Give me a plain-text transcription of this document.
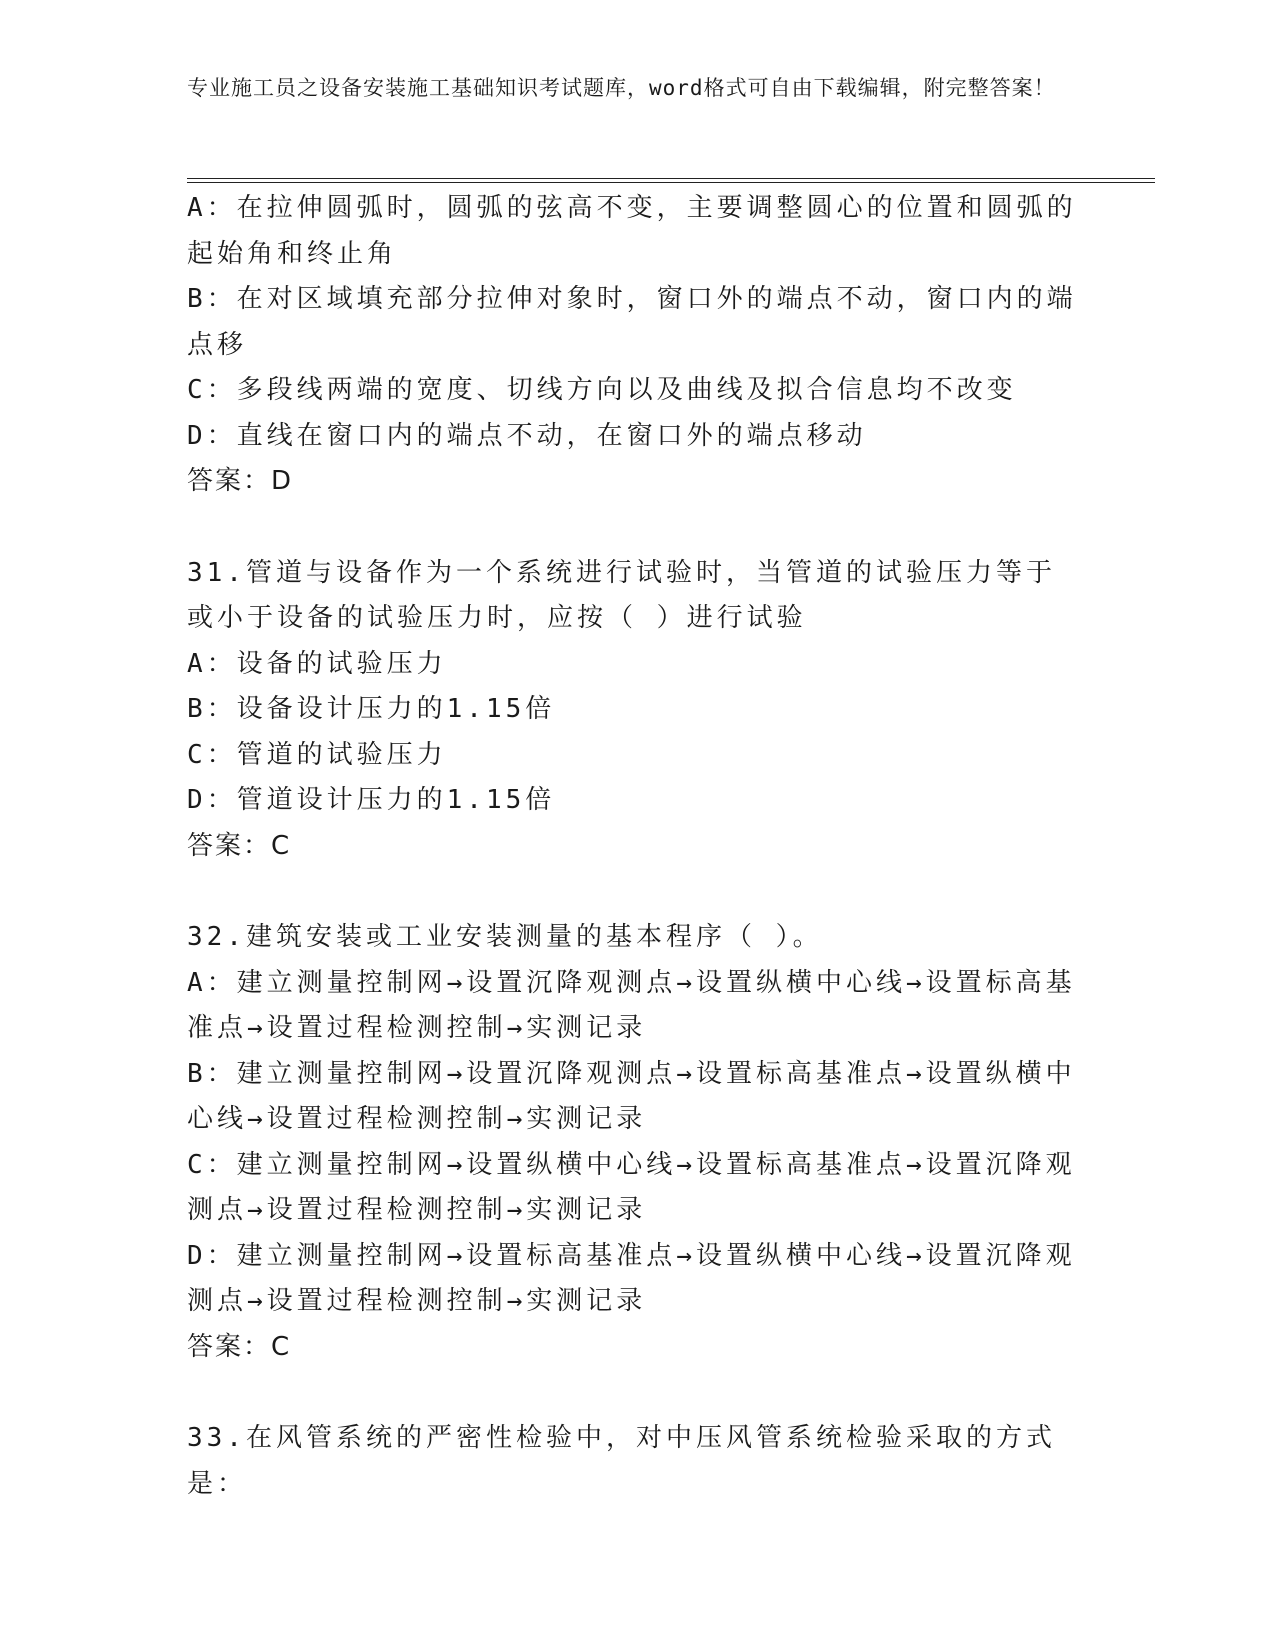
专业施工员之设备安装施工基础知识考试题库，word格式可自由下载编辑，附完整答案！

A：在拉伸圆弧时，圆弧的弦高不变，主要调整圆心的位置和圆弧的起始角和终止角

B：在对区域填充部分拉伸对象时，窗口外的端点不动，窗口内的端点移

C：多段线两端的宽度、切线方向以及曲线及拟合信息均不改变

D：直线在窗口内的端点不动，在窗口外的端点移动

答案：D

31.管道与设备作为一个系统进行试验时，当管道的试验压力等于或小于设备的试验压力时，应按（ ）进行试验

A：设备的试验压力

B：设备设计压力的1.15倍

C：管道的试验压力

D：管道设计压力的1.15倍

答案：C

32.建筑安装或工业安装测量的基本程序（ ）。

A：建立测量控制网→设置沉降观测点→设置纵横中心线→设置标高基准点→设置过程检测控制→实测记录

B：建立测量控制网→设置沉降观测点→设置标高基准点→设置纵横中心线→设置过程检测控制→实测记录

C：建立测量控制网→设置纵横中心线→设置标高基准点→设置沉降观测点→设置过程检测控制→实测记录

D：建立测量控制网→设置标高基准点→设置纵横中心线→设置沉降观测点→设置过程检测控制→实测记录

答案：C

33.在风管系统的严密性检验中，对中压风管系统检验采取的方式是：
